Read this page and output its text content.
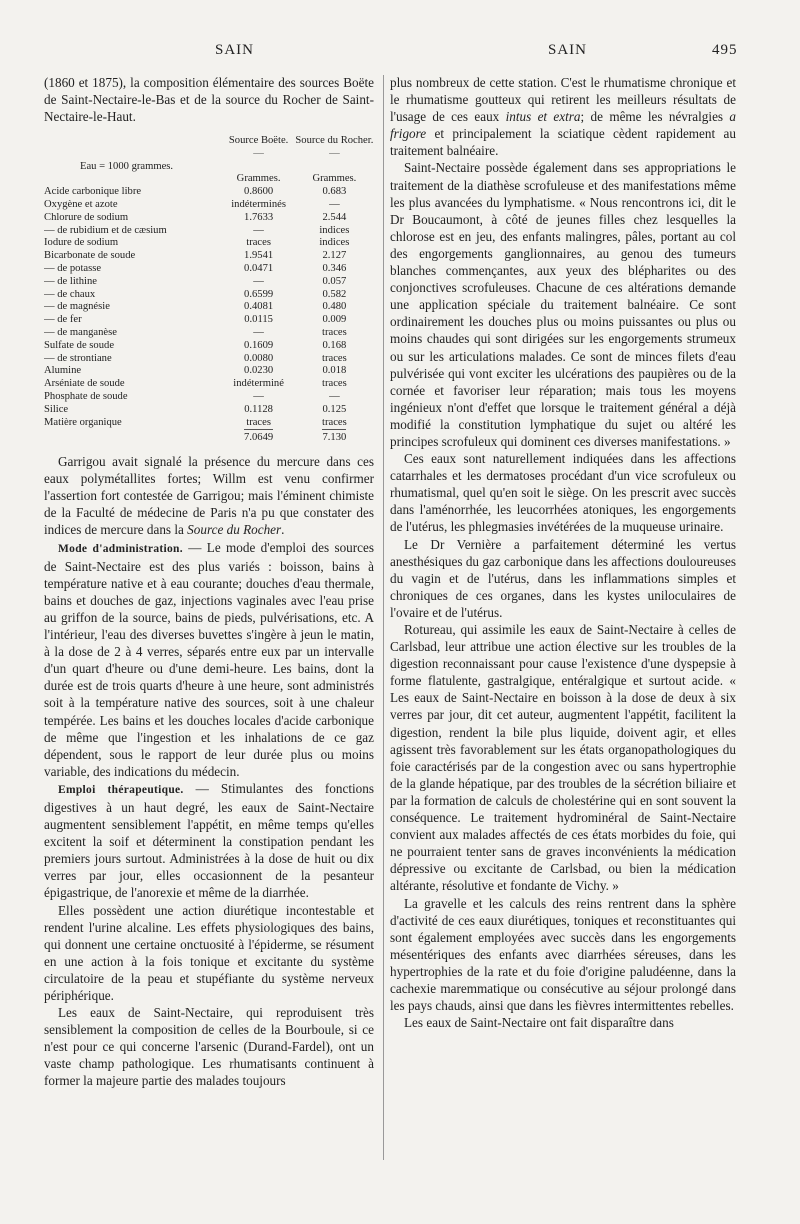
SAIN	SAIN	495

(1860 et 1875), la composition élémentaire des sources Boëte de Saint-Nectaire-le-Bas et de la source du Rocher de Saint-Nectaire-le-Haut.

	Source Boëte.	Source du Rocher.
	—	—
Eau = 1000 grammes.		
	Grammes.	Grammes.
Acide carbonique libre	0.8600	0.683
Oxygène et azote	indéterminés	—
Chlorure de sodium	1.7633	2.544
— de rubidium et de cæsium	—	indices
Iodure de sodium	traces	indices
Bicarbonate de soude	1.9541	2.127
— de potasse	0.0471	0.346
— de lithine	—	0.057
— de chaux	0.6599	0.582
— de magnésie	0.4081	0.480
— de fer	0.0115	0.009
— de manganèse	—	traces
Sulfate de soude	0.1609	0.168
— de strontiane	0.0080	traces
Alumine	0.0230	0.018
Arséniate de soude	indéterminé	traces
Phosphate de soude	—	—
Silice	0.1128	0.125
Matière organique	traces	traces
	7.0649	7.130

Garrigou avait signalé la présence du mercure dans ces eaux polymétallites fortes; Willm est venu confirmer l'assertion fort contestée de Garrigou; mais l'éminent chimiste de la Faculté de médecine de Paris n'a pu que constater des indices de mercure dans la Source du Rocher.

Mode d'administration. — Le mode d'emploi des sources de Saint-Nectaire est des plus variés : boisson, bains à température native et à eau courante; douches d'eau thermale, bains et douches de gaz, injections vaginales avec l'eau prise au griffon de la source, bains de pieds, pulvérisations, etc. A l'intérieur, l'eau des diverses buvettes s'ingère à jeun le matin, à la dose de 2 à 4 verres, séparés entre eux par un intervalle d'un quart d'heure ou d'une demi-heure. Les bains, dont la durée est de trois quarts d'heure à une heure, sont administrés soit à la température native des sources, soit à une chaleur tempérée. Les bains et les douches locales d'acide carbonique de même que l'ingestion et les inhalations de ce gaz dépendent, sous le rapport de leur durée plus ou moins variable, des indications du médecin.

Emploi thérapeutique. — Stimulantes des fonctions digestives à un haut degré, les eaux de Saint-Nectaire augmentent sensiblement l'appétit, en même temps qu'elles excitent la soif et déterminent la constipation pendant les premiers jours surtout. Administrées à la dose de huit ou dix verres par jour, elles occasionnent de la pesanteur épigastrique, de l'anorexie et même de la diarrhée.

Elles possèdent une action diurétique incontestable et rendent l'urine alcaline. Les effets physiologiques des bains, qui donnent une certaine onctuosité à l'épiderme, se résument en une action à la fois tonique et excitante du système circulatoire de la peau et stupéfiante du système nerveux périphérique.

Les eaux de Saint-Nectaire, qui reproduisent très sensiblement la composition de celles de la Bourboule, si ce n'est pour ce qui concerne l'arsenic (Durand-Fardel), ont un vaste champ pathologique. Les rhumatisants continuent à former la majeure partie des malades toujours

plus nombreux de cette station. C'est le rhumatisme chronique et le rhumatisme goutteux qui retirent les meilleurs résultats de l'usage de ces eaux intus et extra; de même les névralgies a frigore et principalement la sciatique cèdent rapidement au traitement balnéaire.

Saint-Nectaire possède également dans ses appropriations le traitement de la diathèse scrofuleuse et des manifestations même les plus avancées du lymphatisme. « Nous rencontrons ici, dit le Dr Boucaumont, à côté de jeunes filles chez lesquelles la chlorose est en jeu, des enfants malingres, pâles, portant au col des engorgements ganglionnaires, au genou des tumeurs blanches commençantes, aux yeux des blépharites ou des conjonctives scrofuleuses. Chacune de ces altérations demande une application spéciale du traitement balnéaire. Ce sont ordinairement les douches plus ou moins puissantes ou plus ou moins chaudes qui sont dirigées sur les engorgements strumeux ou sur les articulations malades. Ce sont de minces filets d'eau pulvérisée qui vont exciter les ulcérations des paupières ou de la cornée et favoriser leur réparation; mais tous les moyens ingénieux n'ont d'effet que lorsque le traitement général a déjà modifié la constitution lymphatique du sujet ou altéré les principes scrofuleux qui dominent ces diverses manifestations. »

Ces eaux sont naturellement indiquées dans les affections catarrhales et les dermatoses procédant d'un vice scrofuleux ou rhumatismal, quel qu'en soit le siège. On les prescrit avec succès dans l'aménorrhée, les leucorrhées atoniques, les engorgements de l'utérus, les phlegmasies invétérées de la muqueuse urinaire.

Le Dr Vernière a parfaitement déterminé les vertus anesthésiques du gaz carbonique dans les affections douloureuses du vagin et de l'utérus, dans les inflammations simples et chroniques de ces organes, dans les kystes uniloculaires de l'ovaire et de l'utérus.

Rotureau, qui assimile les eaux de Saint-Nectaire à celles de Carlsbad, leur attribue une action élective sur les troubles de la digestion reconnaissant pour cause l'existence d'une dyspepsie à forme flatulente, gastralgique, entéralgique et surtout acide. « Les eaux de Saint-Nectaire en boisson à la dose de deux à six verres par jour, dit cet auteur, augmentent l'appétit, facilitent la digestion, rendent la bile plus liquide, doivent agir, et elles agissent très favorablement sur les états organopathologiques du foie caractérisés par de la congestion avec ou sans hypertrophie de la glande hépatique, par des troubles de la sécrétion biliaire et par la formation de calculs de cholestérine qui en sont souvent la conséquence. Le traitement hydrominéral de Saint-Nectaire convient aux malades affectés de ces états morbides du foie, qui ne pourraient tenter sans de graves inconvénients la médication dépressive ou excitante de Carlsbad, ou bien la médication altérante, résolutive et fondante de Vichy. »

La gravelle et les calculs des reins rentrent dans la sphère d'activité de ces eaux diurétiques, toniques et reconstituantes qui sont également employées avec succès dans les engorgements mésentériques des enfants avec diarrhées séreuses, dans les hypertrophies de la rate et du foie d'origine paludéenne, dans la cachexie maremmatique ou consécutive au séjour prolongé dans les pays chauds, ainsi que dans les fièvres intermittentes rebelles.

Les eaux de Saint-Nectaire ont fait disparaître dans
